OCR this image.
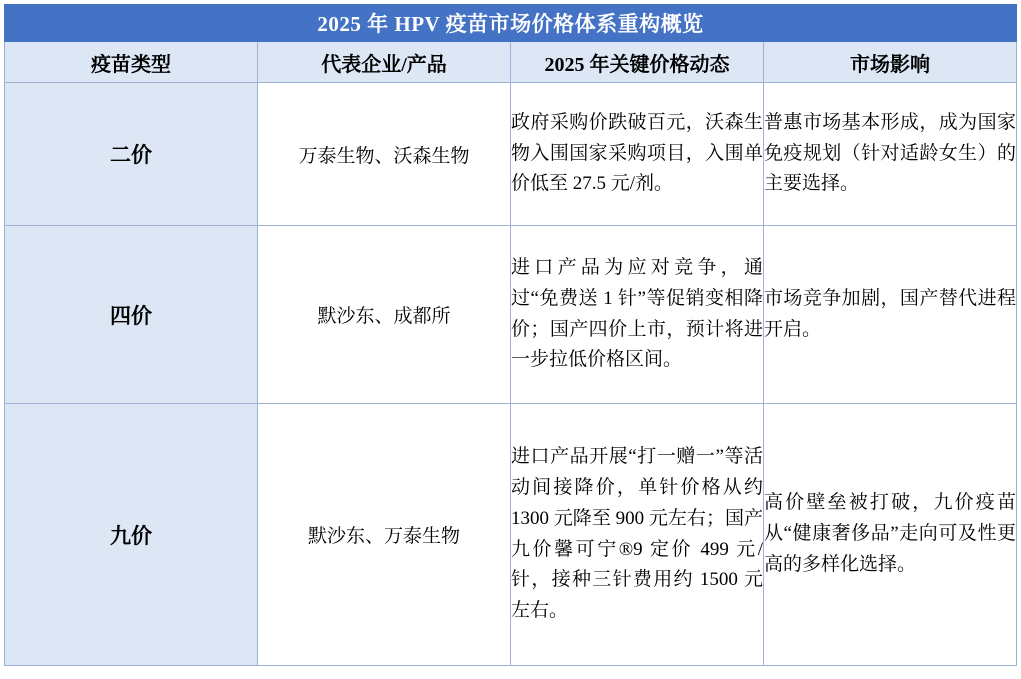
2025 年 HPV 疫苗市场价格体系重构概览			
疫苗类型	代表企业/产品	2025 年关键价格动态	市场影响
二价	万泰生物、沃森生物	政府采购价跌破百元，沃森生物入围国家采购项目，入围单价低至 27.5 元/剂。	普惠市场基本形成，成为国家免疫规划（针对适龄女生）的主要选择。
四价	默沙东、成都所	进口产品为应对竞争，通过“免费送 1 针”等促销变相降价；国产四价上市，预计将进一步拉低价格区间。	市场竞争加剧，国产替代进程开启。
九价	默沙东、万泰生物	进口产品开展“打一赠一”等活动间接降价，单针价格从约 1300 元降至 900 元左右；国产九价馨可宁®9 定价 499 元/针，接种三针费用约 1500 元左右。	高价壁垒被打破，九价疫苗从“健康奢侈品”走向可及性更高的多样化选择。
